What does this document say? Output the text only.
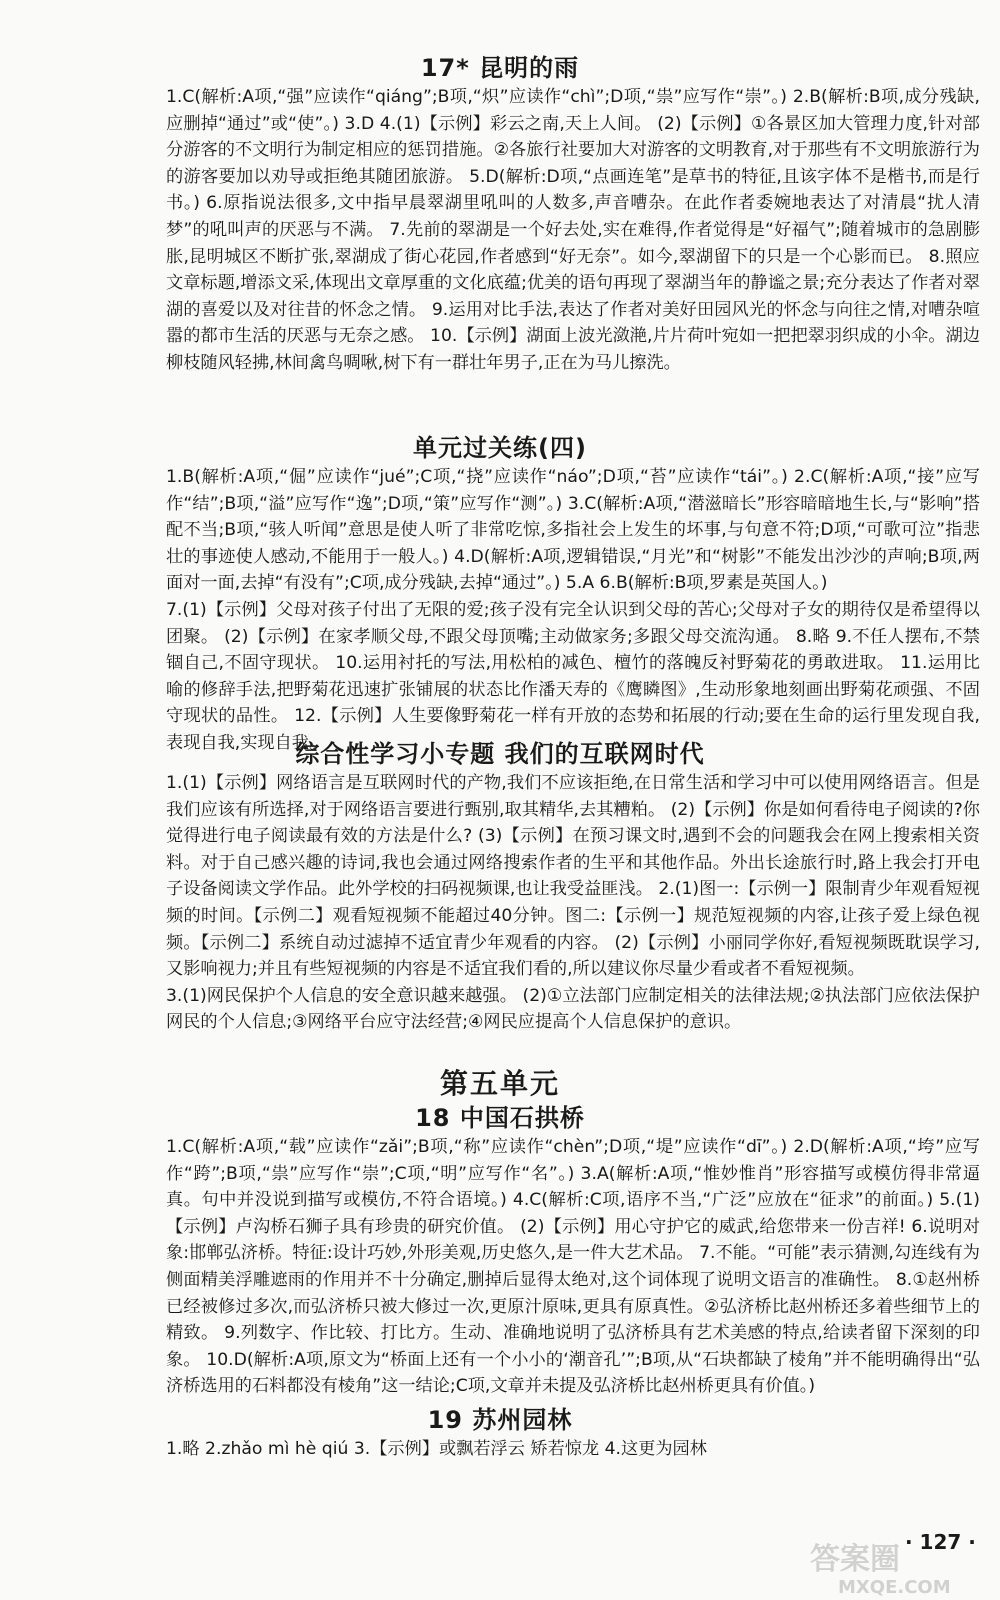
17* 昆明的雨

1.C(解析:A项,“强”应读作“qiáng”;B项,“炽”应读作“chì”;D项,“祟”应写作“崇”。) 2.B(解析:B项,成分残缺,应删掉“通过”或“使”。) 3.D 4.(1)【示例】彩云之南,天上人间。 (2)【示例】①各景区加大管理力度,针对部分游客的不文明行为制定相应的惩罚措施。②各旅行社要加大对游客的文明教育,对于那些有不文明旅游行为的游客要加以劝导或拒绝其随团旅游。 5.D(解析:D项,“点画连笔”是草书的特征,且该字体不是楷书,而是行书。) 6.原指说法很多,文中指早晨翠湖里吼叫的人数多,声音嘈杂。在此作者委婉地表达了对清晨“扰人清梦”的吼叫声的厌恶与不满。 7.先前的翠湖是一个好去处,实在难得,作者觉得是“好福气”;随着城市的急剧膨胀,昆明城区不断扩张,翠湖成了街心花园,作者感到“好无奈”。如今,翠湖留下的只是一个心影而已。 8.照应文章标题,增添文采,体现出文章厚重的文化底蕴;优美的语句再现了翠湖当年的静谧之景;充分表达了作者对翠湖的喜爱以及对往昔的怀念之情。 9.运用对比手法,表达了作者对美好田园风光的怀念与向往之情,对嘈杂喧嚣的都市生活的厌恶与无奈之感。 10.【示例】湖面上波光潋滟,片片荷叶宛如一把把翠羽织成的小伞。湖边柳枝随风轻拂,林间禽鸟啁啾,树下有一群壮年男子,正在为马儿擦洗。

单元过关练(四)

1.B(解析:A项,“倔”应读作“jué”;C项,“挠”应读作“náo”;D项,“苔”应读作“tái”。) 2.C(解析:A项,“接”应写作“结”;B项,“溢”应写作“逸”;D项,“策”应写作“测”。) 3.C(解析:A项,“潜滋暗长”形容暗暗地生长,与“影响”搭配不当;B项,“骇人听闻”意思是使人听了非常吃惊,多指社会上发生的坏事,与句意不符;D项,“可歌可泣”指悲壮的事迹使人感动,不能用于一般人。) 4.D(解析:A项,逻辑错误,“月光”和“树影”不能发出沙沙的声响;B项,两面对一面,去掉“有没有”;C项,成分残缺,去掉“通过”。) 5.A 6.B(解析:B项,罗素是英国人。)

7.(1)【示例】父母对孩子付出了无限的爱;孩子没有完全认识到父母的苦心;父母对子女的期待仅是希望得以团聚。 (2)【示例】在家孝顺父母,不跟父母顶嘴;主动做家务;多跟父母交流沟通。 8.略 9.不任人摆布,不禁锢自己,不固守现状。 10.运用衬托的写法,用松柏的减色、檀竹的落魄反衬野菊花的勇敢进取。 11.运用比喻的修辞手法,把野菊花迅速扩张铺展的状态比作潘天寿的《鹰瞵图》,生动形象地刻画出野菊花顽强、不固守现状的品性。 12.【示例】人生要像野菊花一样有开放的态势和拓展的行动;要在生命的运行里发现自我,表现自我,实现自我。

综合性学习小专题 我们的互联网时代

1.(1)【示例】网络语言是互联网时代的产物,我们不应该拒绝,在日常生活和学习中可以使用网络语言。但是我们应该有所选择,对于网络语言要进行甄别,取其精华,去其糟粕。 (2)【示例】你是如何看待电子阅读的?你觉得进行电子阅读最有效的方法是什么? (3)【示例】在预习课文时,遇到不会的问题我会在网上搜索相关资料。对于自己感兴趣的诗词,我也会通过网络搜索作者的生平和其他作品。外出长途旅行时,路上我会打开电子设备阅读文学作品。此外学校的扫码视频课,也让我受益匪浅。 2.(1)图一:【示例一】限制青少年观看短视频的时间。【示例二】观看短视频不能超过40分钟。图二:【示例一】规范短视频的内容,让孩子爱上绿色视频。【示例二】系统自动过滤掉不适宜青少年观看的内容。 (2)【示例】小丽同学你好,看短视频既耽误学习,又影响视力;并且有些短视频的内容是不适宜我们看的,所以建议你尽量少看或者不看短视频。

3.(1)网民保护个人信息的安全意识越来越强。 (2)①立法部门应制定相关的法律法规;②执法部门应依法保护网民的个人信息;③网络平台应守法经营;④网民应提高个人信息保护的意识。

第五单元
18 中国石拱桥

1.C(解析:A项,“载”应读作“zǎi”;B项,“称”应读作“chèn”;D项,“堤”应读作“dī”。) 2.D(解析:A项,“垮”应写作“跨”;B项,“祟”应写作“崇”;C项,“明”应写作“名”。) 3.A(解析:A项,“惟妙惟肖”形容描写或模仿得非常逼真。句中并没说到描写或模仿,不符合语境。) 4.C(解析:C项,语序不当,“广泛”应放在“征求”的前面。) 5.(1)【示例】卢沟桥石狮子具有珍贵的研究价值。 (2)【示例】用心守护它的威武,给您带来一份吉祥! 6.说明对象:邯郸弘济桥。特征:设计巧妙,外形美观,历史悠久,是一件大艺术品。 7.不能。“可能”表示猜测,勾连线有为侧面精美浮雕遮雨的作用并不十分确定,删掉后显得太绝对,这个词体现了说明文语言的准确性。 8.①赵州桥已经被修过多次,而弘济桥只被大修过一次,更原汁原味,更具有原真性。②弘济桥比赵州桥还多着些细节上的精致。 9.列数字、作比较、打比方。生动、准确地说明了弘济桥具有艺术美感的特点,给读者留下深刻的印象。 10.D(解析:A项,原文为“桥面上还有一个小小的‘潮音孔’”;B项,从“石块都缺了棱角”并不能明确得出“弘济桥选用的石料都没有棱角”这一结论;C项,文章并未提及弘济桥比赵州桥更具有价值。)

19 苏州园林

1.略 2.zhǎo mì hè qiú 3.【示例】或飘若浮云 矫若惊龙 4.这更为园林

· 127 ·
答案圈
MXQE.COM
